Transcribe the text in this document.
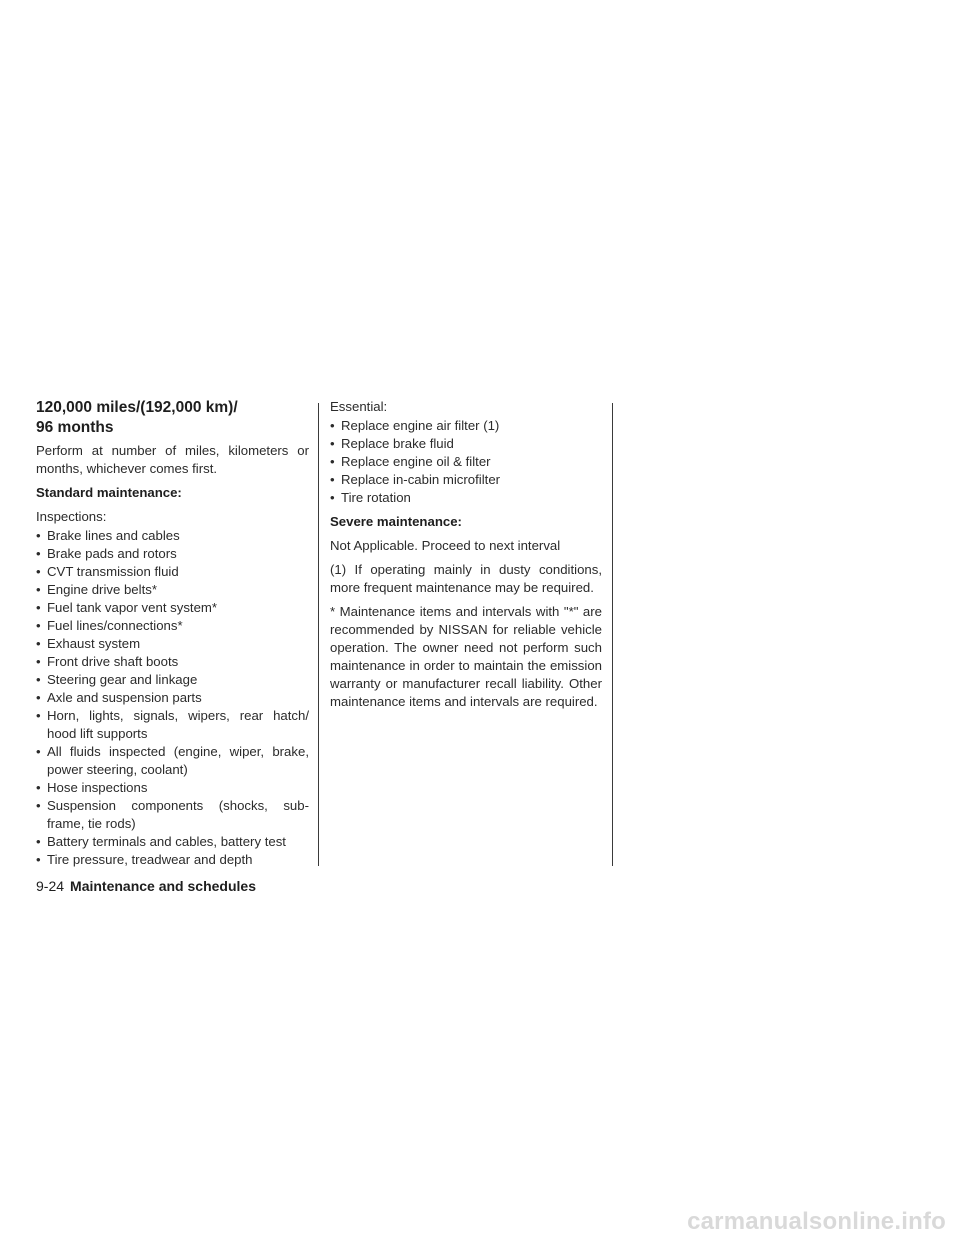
120,000 miles/(192,000 km)/
96 months

Perform at number of miles, kilometers or months, whichever comes first.

Standard maintenance:

Inspections:

• Brake lines and cables
• Brake pads and rotors
• CVT transmission fluid
• Engine drive belts*
• Fuel tank vapor vent system*
• Fuel lines/connections*
• Exhaust system
• Front drive shaft boots
• Steering gear and linkage
• Axle and suspension parts
• Horn, lights, signals, wipers, rear hatch/ hood lift supports
• All fluids inspected (engine, wiper, brake, power steering, coolant)
• Hose inspections
• Suspension components (shocks, sub-frame, tie rods)
• Battery terminals and cables, battery test
• Tire pressure, treadwear and depth

Essential:

• Replace engine air filter (1)
• Replace brake fluid
• Replace engine oil & filter
• Replace in-cabin microfilter
• Tire rotation

Severe maintenance:

Not Applicable. Proceed to next interval

(1) If operating mainly in dusty conditions, more frequent maintenance may be required.

* Maintenance items and intervals with "*" are recommended by NISSAN for reliable vehicle operation. The owner need not perform such maintenance in order to maintain the emission warranty or manufacturer recall liability. Other maintenance items and intervals are required.

9-24 Maintenance and schedules
carmanualsonline.info
